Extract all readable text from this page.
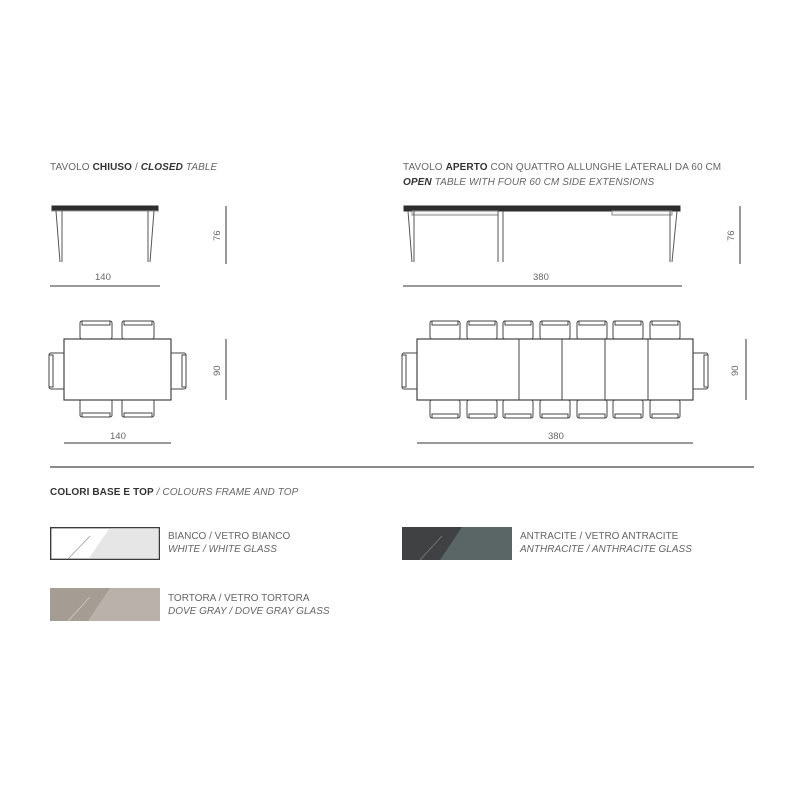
TAVOLO CHIUSO / CLOSED TABLE	TAVOLO APERTO CON QUATTRO ALLUNGHE LATERALI DA 60 CM
OPEN TABLE WITH FOUR 60 CM SIDE EXTENSIONS
140
76
380
76
140
90
380
90
COLORI BASE E TOP / COLOURS FRAME AND TOP
BIANCO / VETRO BIANCO
WHITE / WHITE GLASS
ANTRACITE / VETRO ANTRACITE
ANTHRACITE / ANTHRACITE GLASS
TORTORA / VETRO TORTORA
DOVE GRAY / DOVE GRAY GLASS
